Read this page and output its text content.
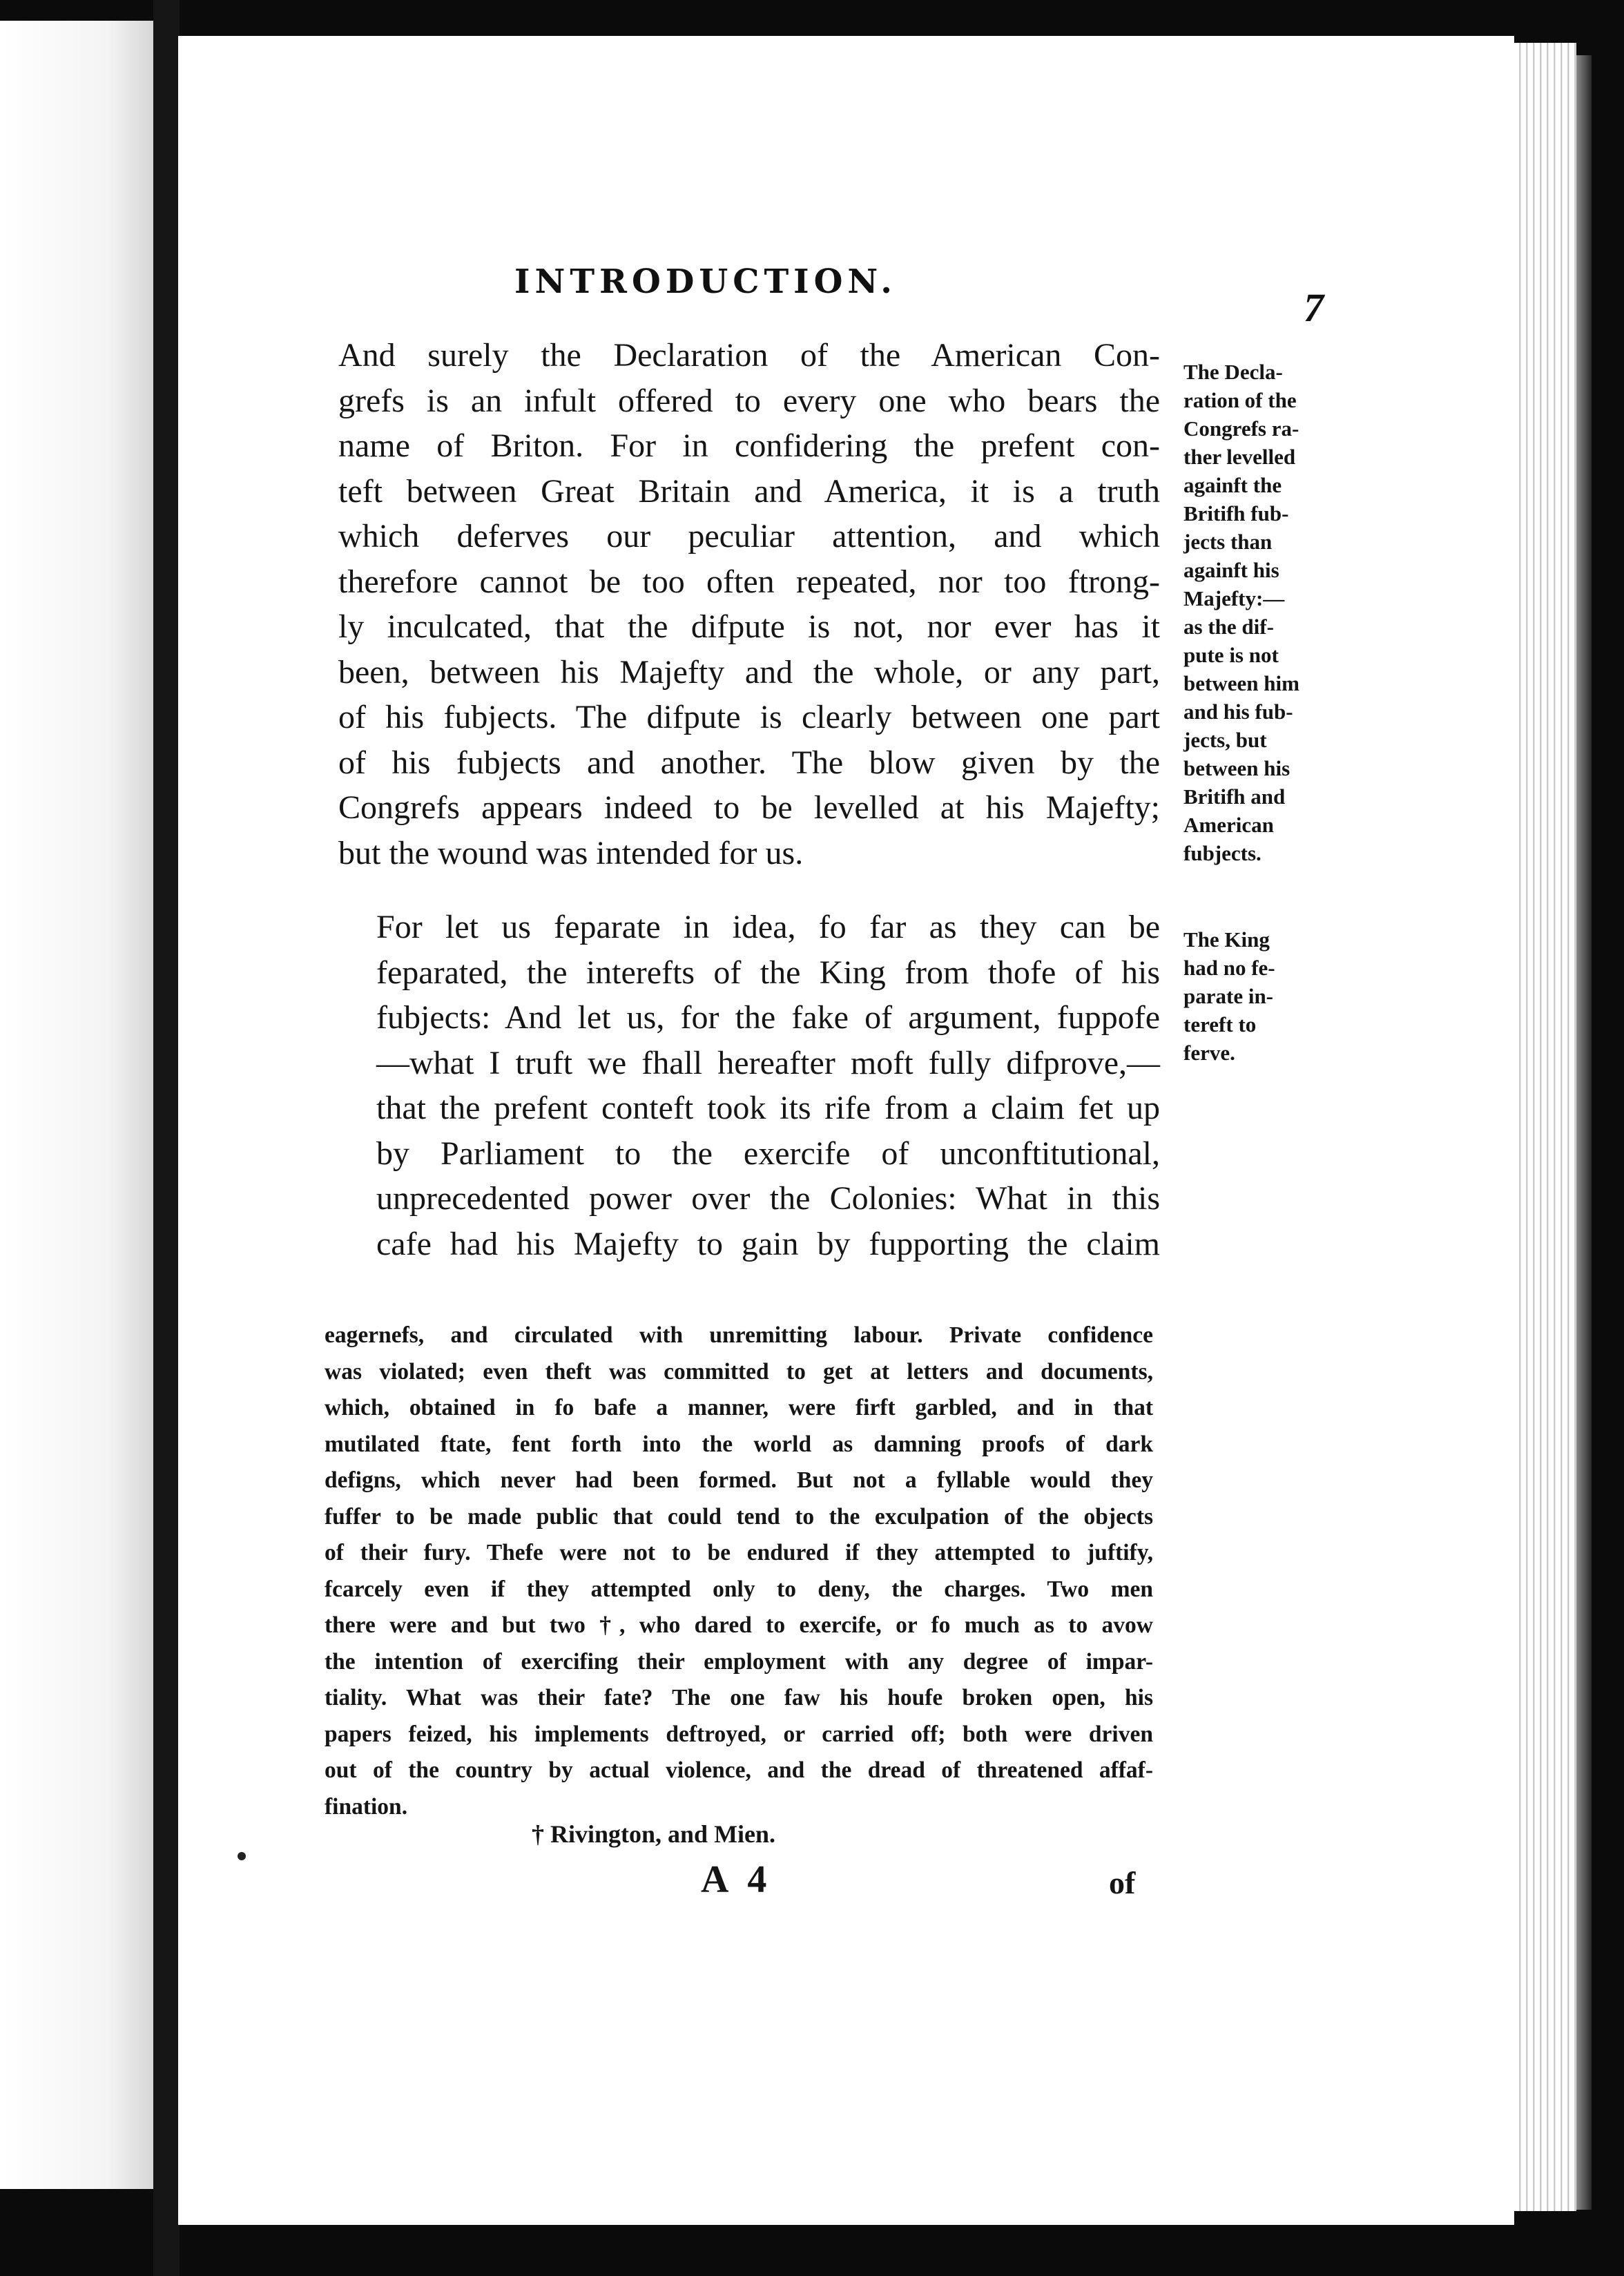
INTRODUCTION.
7

And surely the Declaration of the American Con-

grefs is an infult offered to every one who bears the

name of Briton. For in confidering the prefent con-

teft between Great Britain and America, it is a truth

which deferves our peculiar attention, and which

therefore cannot be too often repeated, nor too ftrong-

ly inculcated, that the difpute is not, nor ever has it

been, between his Majefty and the whole, or any part,

of his fubjects. The difpute is clearly between one part

of his fubjects and another. The blow given by the

Congrefs appears indeed to be levelled at his Majefty;

but the wound was intended for us.

For let us feparate in idea, fo far as they can be

feparated, the interefts of the King from thofe of his

fubjects: And let us, for the fake of argument, fuppofe

—what I truft we fhall hereafter moft fully difprove,—

that the prefent conteft took its rife from a claim fet up

by Parliament to the exercife of unconftitutional,

unprecedented power over the Colonies: What in this

cafe had his Majefty to gain by fupporting the claim

The Decla-

ration of the

Congrefs ra-

ther levelled

againft the

Britifh fub-

jects than

againft his

Majefty:—

as the dif-

pute is not

between him

and his fub-

jects, but

between his

Britifh and

American

fubjects.

The King

had no fe-

parate in-

tereft to

ferve.

eagernefs, and circulated with unremitting labour. Private confidence

was violated; even theft was committed to get at letters and documents,

which, obtained in fo bafe a manner, were firft garbled, and in that

mutilated ftate, fent forth into the world as damning proofs of dark

defigns, which never had been formed. But not a fyllable would they

fuffer to be made public that could tend to the exculpation of the objects

of their fury. Thefe were not to be endured if they attempted to juftify,

fcarcely even if they attempted only to deny, the charges. Two men

there were and but two †, who dared to exercife, or fo much as to avow

the intention of exercifing their employment with any degree of impar-

tiality. What was their fate? The one faw his houfe broken open, his

papers feized, his implements deftroyed, or carried off; both were driven

out of the country by actual violence, and the dread of threatened affaf-

fination.

† Rivington, and Mien.
A 4	of
